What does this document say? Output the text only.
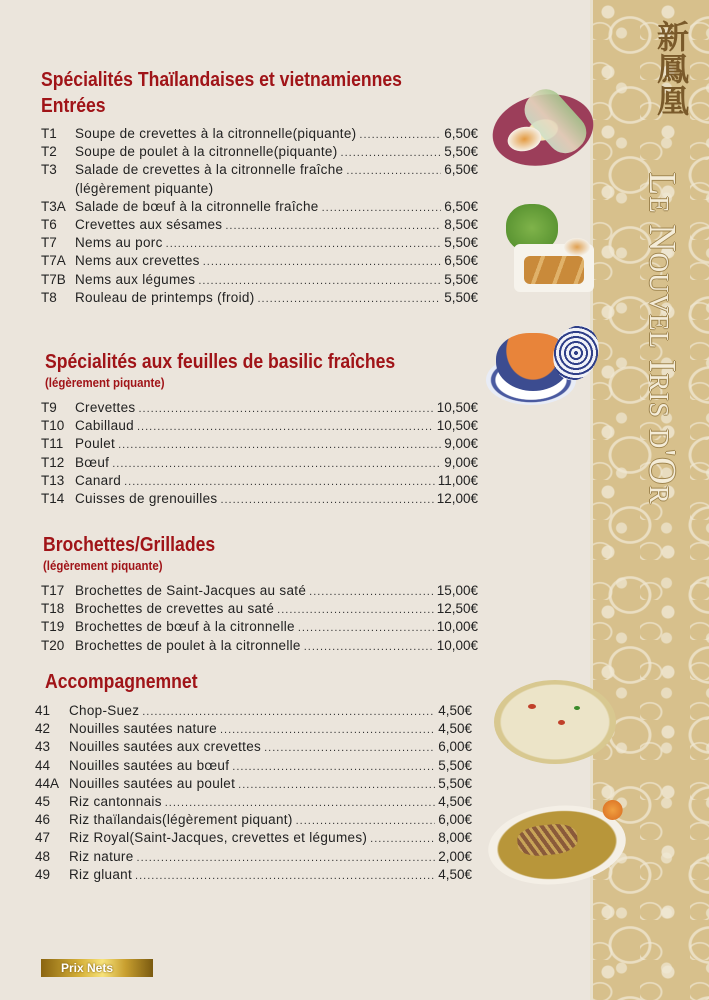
新鳳凰
Le Nouvel Iris d'Or
Spécialités Thaïlandaises et vietnamiennes
Entrées
T1	Soupe de crevettes à la citronnelle(piquante) .....	6,50€
T2	Soupe de poulet à la citronnelle(piquante) .....	5,50€
T3	Salade de crevettes à la citronnelle fraîche .....	6,50€
(légèrement piquante)
T3A Salade de bœuf à la citronnelle fraîche .....	6,50€
T6	Crevettes aux sésames .....	8,50€
T7	Nems au porc .....	5,50€
T7A Nems aux crevettes .....	6,50€
T7B Nems aux légumes .....	5,50€
T8	Rouleau de printemps (froid) .....	5,50€
Spécialités aux feuilles de basilic fraîches
(légèrement piquante)
T9	Crevettes .....	10,50€
T10 Cabillaud .....	10,50€
T11 Poulet .....	9,00€
T12 Bœuf .....	9,00€
T13 Canard .....	11,00€
T14 Cuisses de grenouilles .....	12,00€
Brochettes/Grillades
(légèrement piquante)
T17 Brochettes de Saint-Jacques au saté .....	15,00€
T18 Brochettes de crevettes au saté .....	12,50€
T19 Brochettes de bœuf à la citronnelle .....	10,00€
T20 Brochettes de poulet à la citronnelle .....	10,00€
Accompagnemnet
41	Chop-Suez .....	4,50€
42	Nouilles sautées nature .....	4,50€
43	Nouilles sautées aux crevettes .....	6,00€
44	Nouilles sautées au bœuf .....	5,50€
44A Nouilles sautées au poulet .....	5,50€
45	Riz cantonnais .....	4,50€
46	Riz thaïlandais(légèrement piquant) .....	6,00€
47	Riz Royal(Saint-Jacques, crevettes et légumes) .....	8,00€
48	Riz nature .....	2,00€
49	Riz gluant .....	4,50€
Prix Nets
